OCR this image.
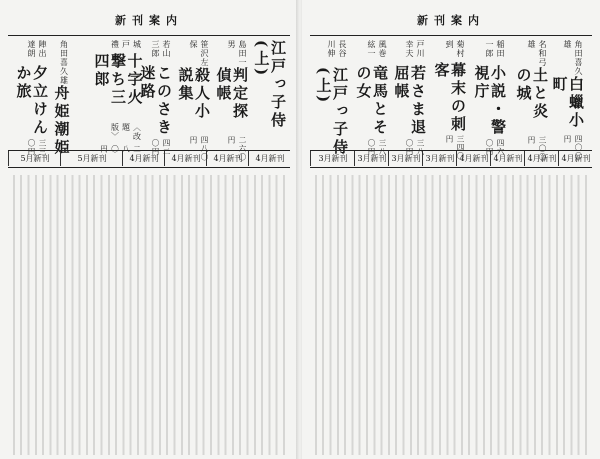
新刊案内
江戸っ子侍(上)
島田一男
判定探偵帳
二六〇円
笹沢左保
殺人小説集
四八〇円
若山三郎
このさき迷路
四二〇円
城戸禮
十字火撃ち三四郎
〈改題版〉
二八〇円
角田喜久雄
舟姫潮姫
陣出達朗
夕立けんか旅
三三〇円
4月新刊
4月新刊
4月新刊
4月新刊
5月新刊
5月新刊
新刊案内
角田喜久雄
白蠟小町
四〇〇円
名和弓雄
土と炎の城
三〇〇円
稲田一郎
小説・警視庁
四六〇円
菊村到
幕末の刺客
三四〇円
戸川幸夫
若さま退屈帳
三八〇円
風巻絃一
竜馬とその女
三八〇円
長谷川伸
江戸っ子侍(上)
4月新刊
4月新刊
4月新刊
4月新刊
3月新刊
3月新刊
3月新刊
3月新刊
